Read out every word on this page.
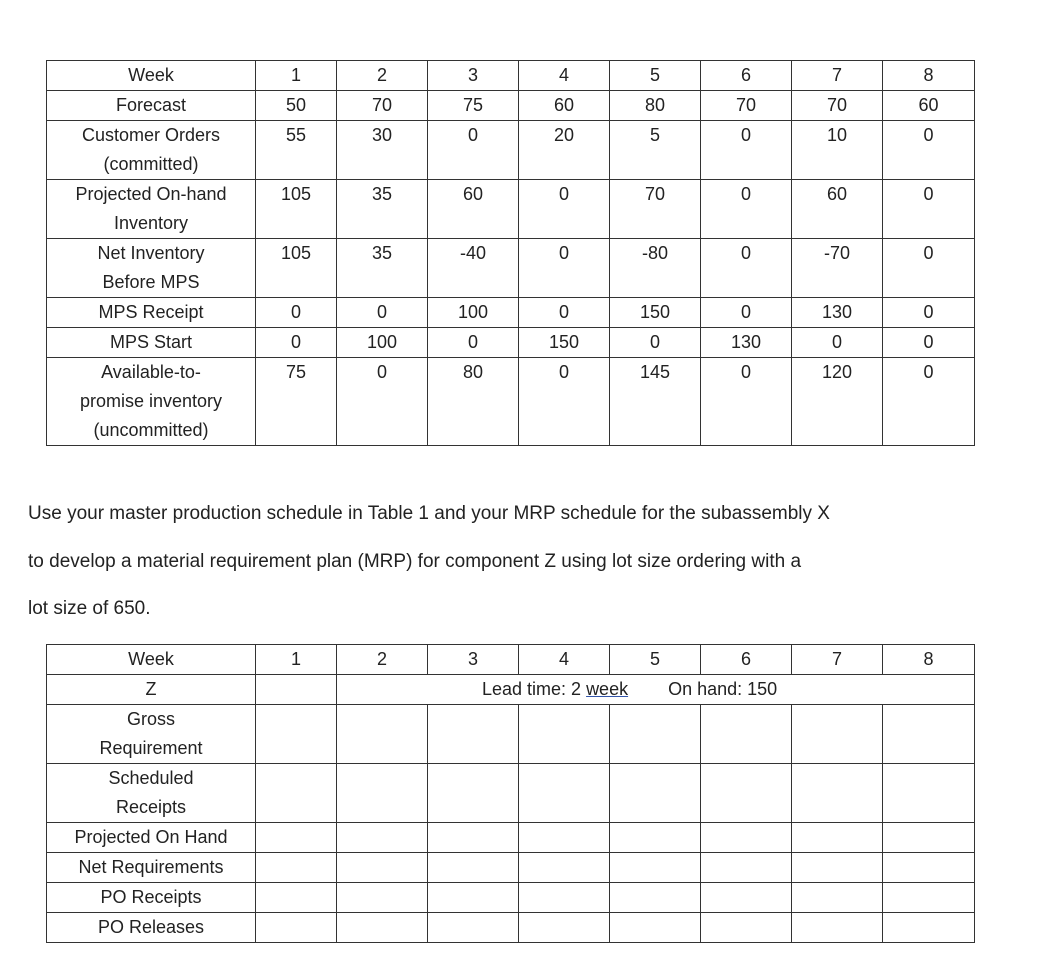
Week	1	2	3	4	5	6	7	8

Forecast	50	70	75	60	80	70	70	60

Customer Orders
(committed)	55	30	0	20	5	0	10	0

Projected On-hand
Inventory	105	35	60	0	70	0	60	0

Net Inventory
Before MPS	105	35	-40	0	-80	0	-70	0

MPS Receipt	0	0	100	0	150	0	130	0

MPS Start	0	100	0	150	0	130	0	0

Available-to-
promise inventory
(uncommitted)	75	0	80	0	145	0	120	0
Use your master production schedule in Table 1 and your MRP schedule for the subassembly X
to develop a material requirement plan (MRP) for component Z using lot size ordering with a
lot size of 650.
Week	1	2	3	4	5	6	7	8
Z		Lead time: 2 week On hand: 150						

Gross
Requirement								

Scheduled
Receipts								

Projected On Hand								

Net Requirements								

PO Receipts								

PO Releases								
